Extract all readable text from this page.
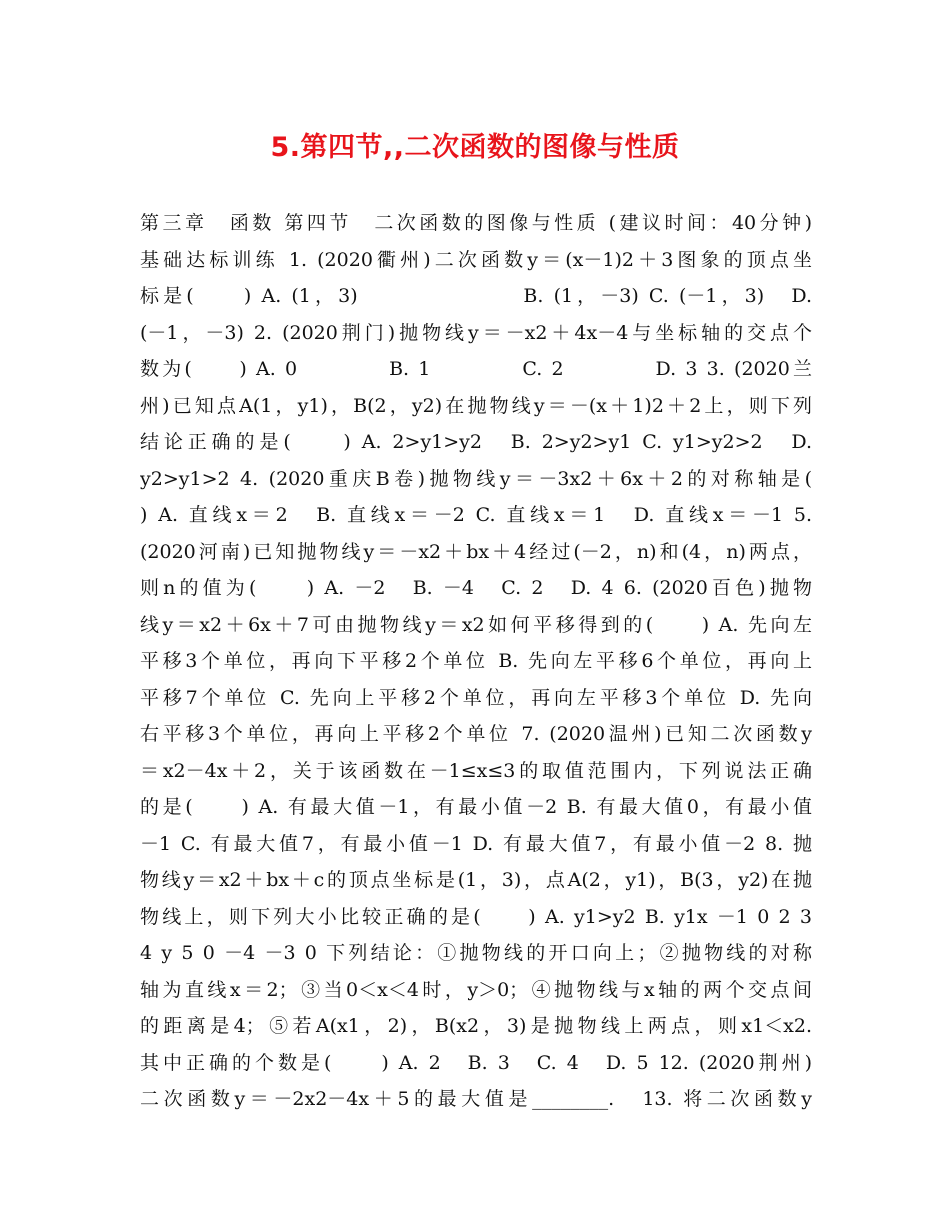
5.第四节,,二次函数的图像与性质
第三章　函数 第四节　二次函数的图像与性质 (建议时间：40分钟)
基础达标训练 1. (2020衢州)二次函数y＝(x－1)2＋3图象的顶点坐
标是(　　) A. (1，3)　　　　　　　B. (1，－3) C. (－1，3)　D.
(－1，－3) 2. (2020荆门)抛物线y＝－x2＋4x－4与坐标轴的交点个
数为(　　) A. 0　　　　B. 1　　　　C. 2　　　　D. 3 3. (2020兰
州)已知点A(1，y1)，B(2，y2)在抛物线y＝－(x＋1)2＋2上，则下列
结论正确的是(　　) A. 2>y1>y2　B. 2>y2>y1 C. y1>y2>2　D.
y2>y1>2 4. (2020重庆B卷)抛物线y＝－3x2＋6x＋2的对称轴是(
) A. 直线x＝2　B. 直线x＝－2 C. 直线x＝1　D. 直线x＝－1 5.
(2020河南)已知抛物线y＝－x2＋bx＋4经过(－2，n)和(4，n)两点，
则n的值为(　　) A. －2　B. －4　C. 2　D. 4 6. (2020百色)抛物
线y＝x2＋6x＋7可由抛物线y＝x2如何平移得到的(　　) A. 先向左
平移3个单位，再向下平移2个单位 B. 先向左平移6个单位，再向上
平移7个单位 C. 先向上平移2个单位，再向左平移3个单位 D. 先向
右平移3个单位，再向上平移2个单位 7. (2020温州)已知二次函数y
＝x2－4x＋2，关于该函数在－1≤x≤3的取值范围内，下列说法正确
的是(　　) A. 有最大值－1，有最小值－2 B. 有最大值0，有最小值
－1 C. 有最大值7，有最小值－1 D. 有最大值7，有最小值－2 8. 抛
物线y＝x2＋bx＋c的顶点坐标是(1，3)，点A(2，y1)，B(3，y2)在抛
物线上，则下列大小比较正确的是(　　) A. y1>y2 B. y1x －1 0 2 3
4 y 5 0 －4 －3 0 下列结论：①抛物线的开口向上；②抛物线的对称
轴为直线x＝2；③当0＜x＜4时，y＞0；④抛物线与x轴的两个交点间
的距离是4；⑤若A(x1，2)，B(x2，3)是抛物线上两点，则x1＜x2.
其中正确的个数是(　　) A. 2　B. 3　C. 4　D. 5 12. (2020荆州)
二次函数y＝－2x2－4x＋5的最大值是________.　13. 将二次函数y
